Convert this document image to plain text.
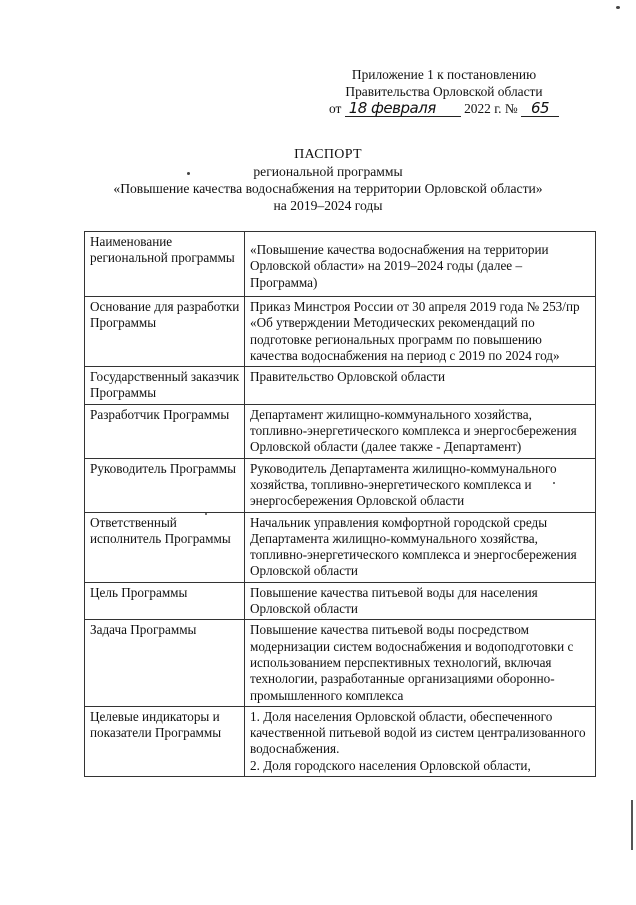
Приложение 1 к постановлению
Правительства Орловской области
от 18 февраля 2022 г. № 65
ПАСПОРТ
региональной программы
«Повышение качества водоснабжения на территории Орловской области»
на 2019–2024 годы
Наименование региональной программы	«Повышение качества водоснабжения на территории Орловской области» на 2019–2024 годы (далее – Программа)
Основание для разработки Программы	Приказ Минстроя России от 30 апреля 2019 года № 253/пр «Об утверждении Методических рекомендаций по подготовке региональных программ по повышению качества водоснабжения на период с 2019 по 2024 год»
Государственный заказчик Программы	Правительство Орловской области
Разработчик Программы	Департамент жилищно-коммунального хозяйства, топливно-энергетического комплекса и энергосбережения Орловской области (далее также - Департамент)
Руководитель Программы	Руководитель Департамента жилищно-коммунального хозяйства, топливно-энергетического комплекса и энергосбережения Орловской области
Ответственный исполнитель Программы	Начальник управления комфортной городской среды Департамента жилищно-коммунального хозяйства, топливно-энергетического комплекса и энергосбережения Орловской области
Цель Программы	Повышение качества питьевой воды для населения Орловской области
Задача Программы	Повышение качества питьевой воды посредством модернизации систем водоснабжения и водоподготовки с использованием перспективных технологий, включая технологии, разработанные организациями оборонно-промышленного комплекса
Целевые индикаторы и показатели Программы	1. Доля населения Орловской области, обеспеченного качественной питьевой водой из систем централизованного водоснабжения.
2. Доля городского населения Орловской области,
